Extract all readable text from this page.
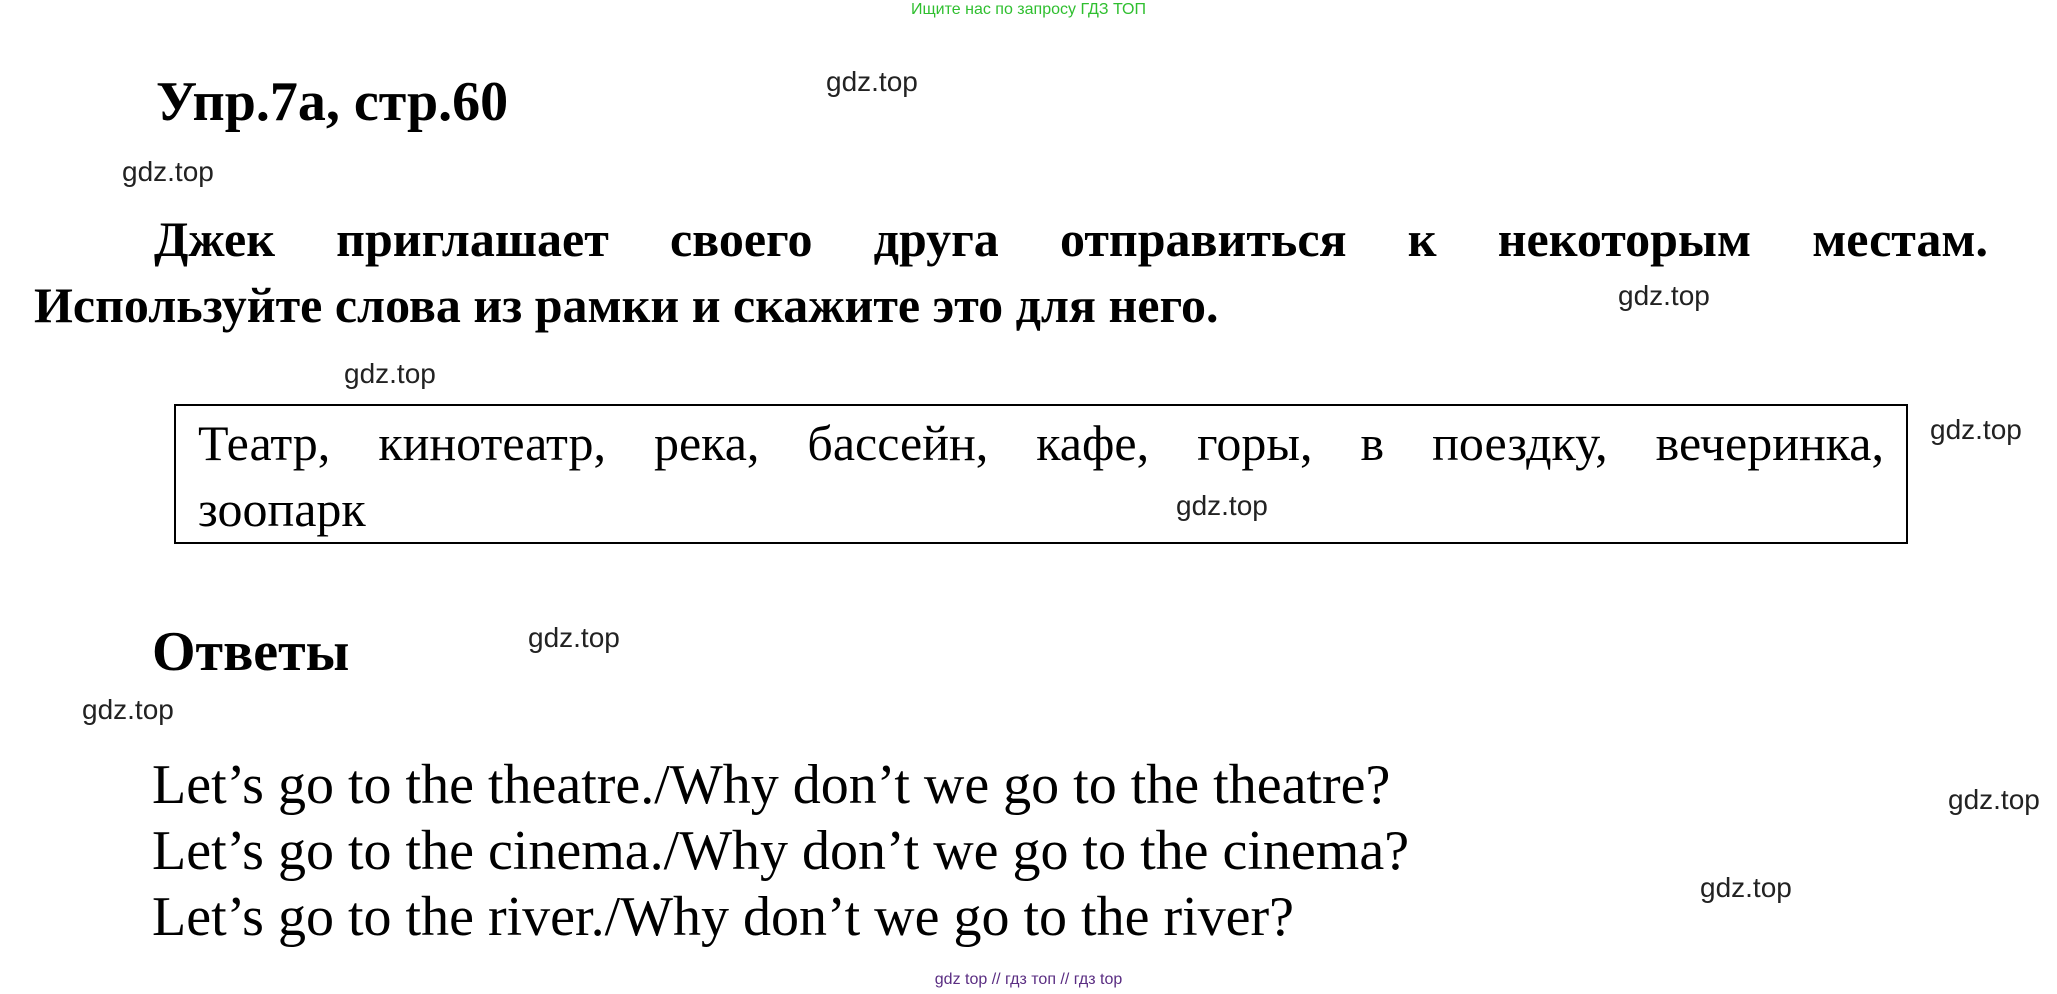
Ищите нас по запросу ГДЗ ТОП
Упр.7а, стр.60
Джек приглашает своего друга отправиться к некоторым местам.
Используйте слова из рамки и скажите это для него.
Театр, кинотеатр, река, бассейн, кафе, горы, в поездку, вечеринка,
зоопарк
Ответы
Let’s go to the theatre./Why don’t we go to the theatre?
Let’s go to the cinema./Why don’t we go to the cinema?
Let’s go to the river./Why don’t we go to the river?
gdz.top
gdz.top
gdz.top
gdz.top
gdz.top
gdz.top
gdz.top
gdz.top
gdz.top
gdz.top
gdz top // гдз топ // гдз top
